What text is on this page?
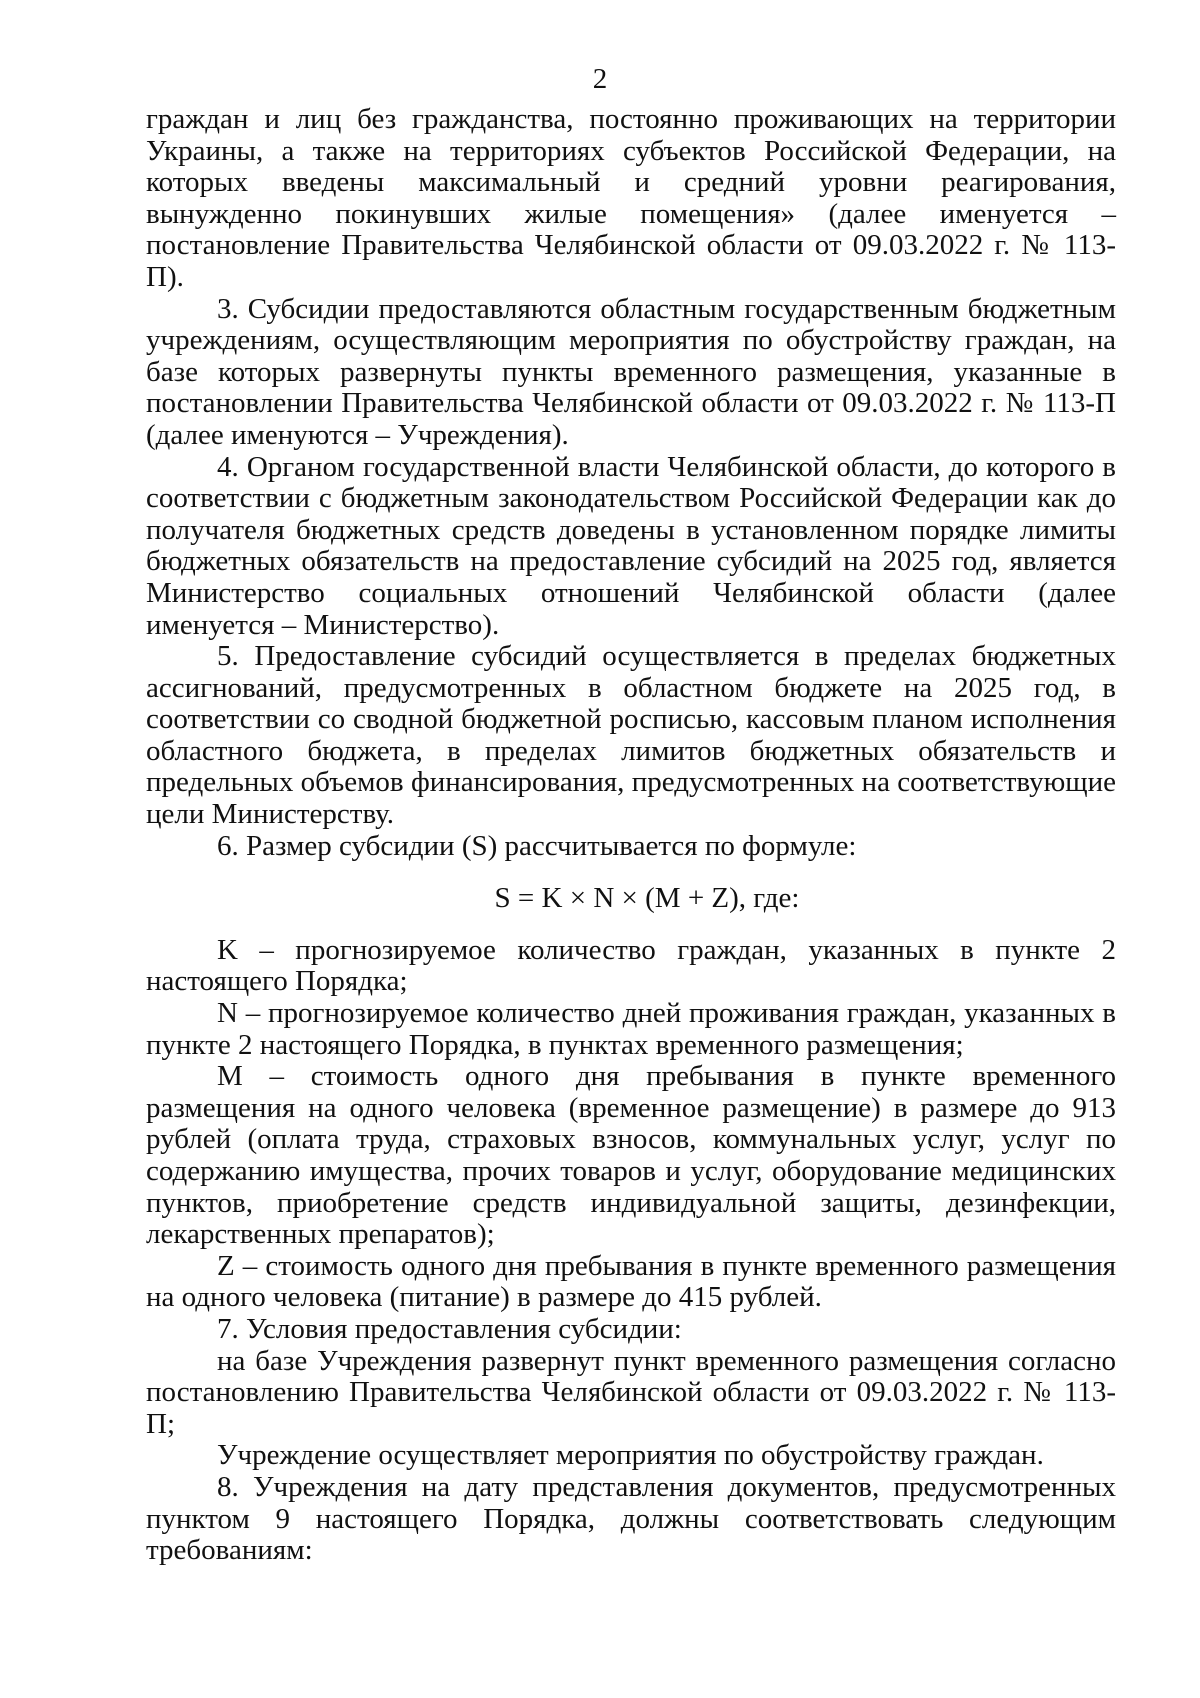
2

граждан и лиц без гражданства, постоянно проживающих на территории Украины, а также на территориях субъектов Российской Федерации, на которых введены максимальный и средний уровни реагирования, вынужденно покинувших жилые помещения» (далее именуется – постановление Правительства Челябинской области от 09.03.2022 г. № 113-П).

3. Субсидии предоставляются областным государственным бюджетным учреждениям, осуществляющим мероприятия по обустройству граждан, на базе которых развернуты пункты временного размещения, указанные в постановлении Правительства Челябинской области от 09.03.2022 г. № 113-П (далее именуются – Учреждения).

4. Органом государственной власти Челябинской области, до которого в соответствии с бюджетным законодательством Российской Федерации как до получателя бюджетных средств доведены в установленном порядке лимиты бюджетных обязательств на предоставление субсидий на 2025 год, является Министерство социальных отношений Челябинской области (далее именуется – Министерство).

5. Предоставление субсидий осуществляется в пределах бюджетных ассигнований, предусмотренных в областном бюджете на 2025 год, в соответствии со сводной бюджетной росписью, кассовым планом исполнения областного бюджета, в пределах лимитов бюджетных обязательств и предельных объемов финансирования, предусмотренных на соответствующие цели Министерству.

6. Размер субсидии (S) рассчитывается по формуле:

S = K × N × (M + Z), где:

K – прогнозируемое количество граждан, указанных в пункте 2 настоящего Порядка;

N – прогнозируемое количество дней проживания граждан, указанных в пункте 2 настоящего Порядка, в пунктах временного размещения;

M – стоимость одного дня пребывания в пункте временного размещения на одного человека (временное размещение) в размере до 913 рублей (оплата труда, страховых взносов, коммунальных услуг, услуг по содержанию имущества, прочих товаров и услуг, оборудование медицинских пунктов, приобретение средств индивидуальной защиты, дезинфекции, лекарственных препаратов);

Z – стоимость одного дня пребывания в пункте временного размещения на одного человека (питание) в размере до 415 рублей.

7. Условия предоставления субсидии:

на базе Учреждения развернут пункт временного размещения согласно постановлению Правительства Челябинской области от 09.03.2022 г. № 113-П;

Учреждение осуществляет мероприятия по обустройству граждан.

8. Учреждения на дату представления документов, предусмотренных пунктом 9 настоящего Порядка, должны соответствовать следующим требованиям:
